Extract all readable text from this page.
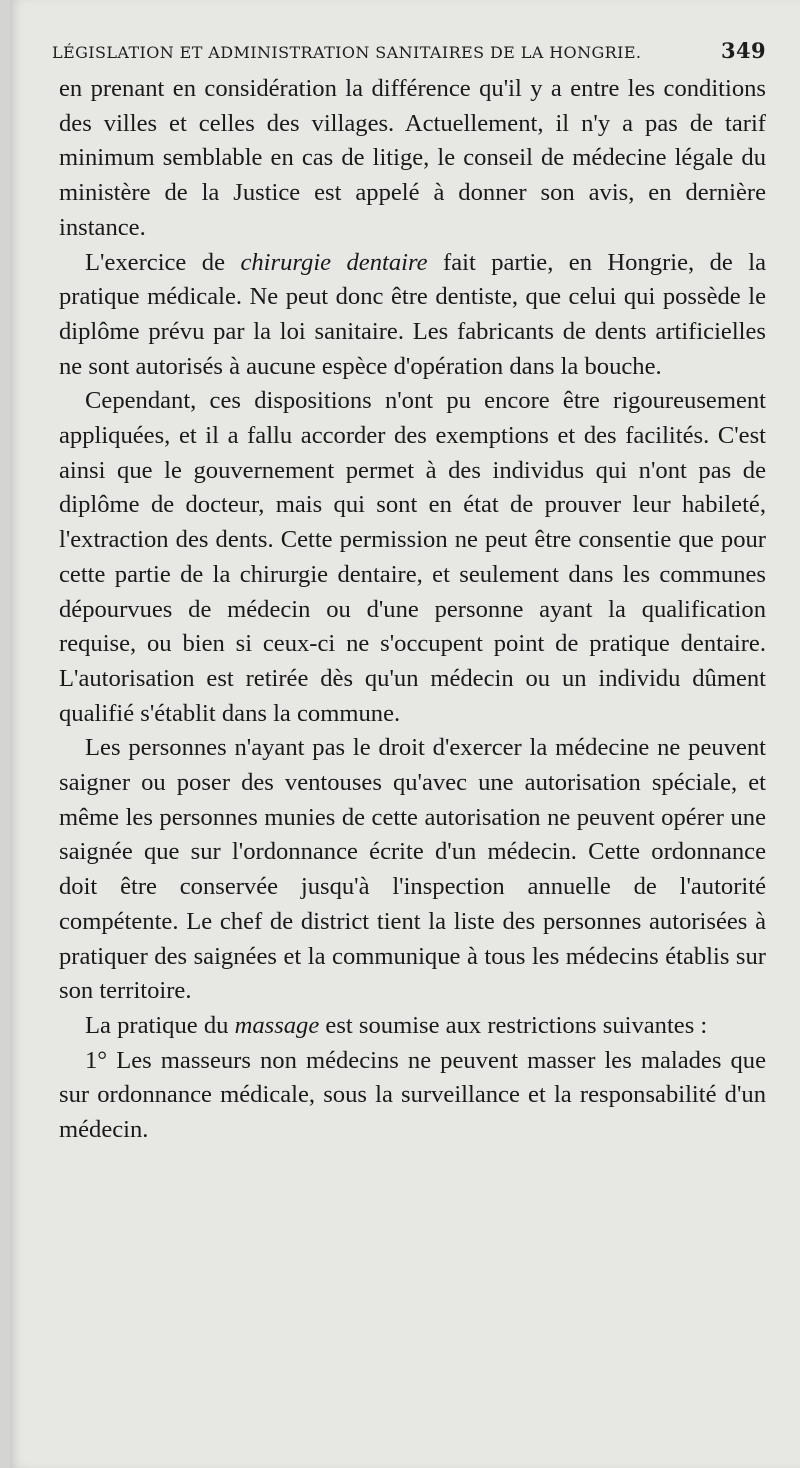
LÉGISLATION ET ADMINISTRATION SANITAIRES DE LA HONGRIE.	349

en prenant en considération la différence qu'il y a entre les conditions des villes et celles des villages. Actuellement, il n'y a pas de tarif minimum semblable en cas de litige, le conseil de médecine légale du ministère de la Justice est appelé à donner son avis, en dernière instance.

L'exercice de chirurgie dentaire fait partie, en Hongrie, de la pratique médicale. Ne peut donc être dentiste, que celui qui possède le diplôme prévu par la loi sanitaire. Les fabricants de dents artificielles ne sont autorisés à aucune espèce d'opération dans la bouche.

Cependant, ces dispositions n'ont pu encore être rigoureusement appliquées, et il a fallu accorder des exemptions et des facilités. C'est ainsi que le gouvernement permet à des individus qui n'ont pas de diplôme de docteur, mais qui sont en état de prouver leur habileté, l'extraction des dents. Cette permission ne peut être consentie que pour cette partie de la chirurgie dentaire, et seulement dans les communes dépourvues de médecin ou d'une personne ayant la qualification requise, ou bien si ceux-ci ne s'occupent point de pratique dentaire. L'autorisation est retirée dès qu'un médecin ou un individu dûment qualifié s'établit dans la commune.

Les personnes n'ayant pas le droit d'exercer la médecine ne peuvent saigner ou poser des ventouses qu'avec une autorisation spéciale, et même les personnes munies de cette autorisation ne peuvent opérer une saignée que sur l'ordonnance écrite d'un médecin. Cette ordonnance doit être conservée jusqu'à l'inspection annuelle de l'autorité compétente. Le chef de district tient la liste des personnes autorisées à pratiquer des saignées et la communique à tous les médecins établis sur son territoire.

La pratique du massage est soumise aux restrictions suivantes :

1° Les masseurs non médecins ne peuvent masser les malades que sur ordonnance médicale, sous la surveillance et la responsabilité d'un médecin.
